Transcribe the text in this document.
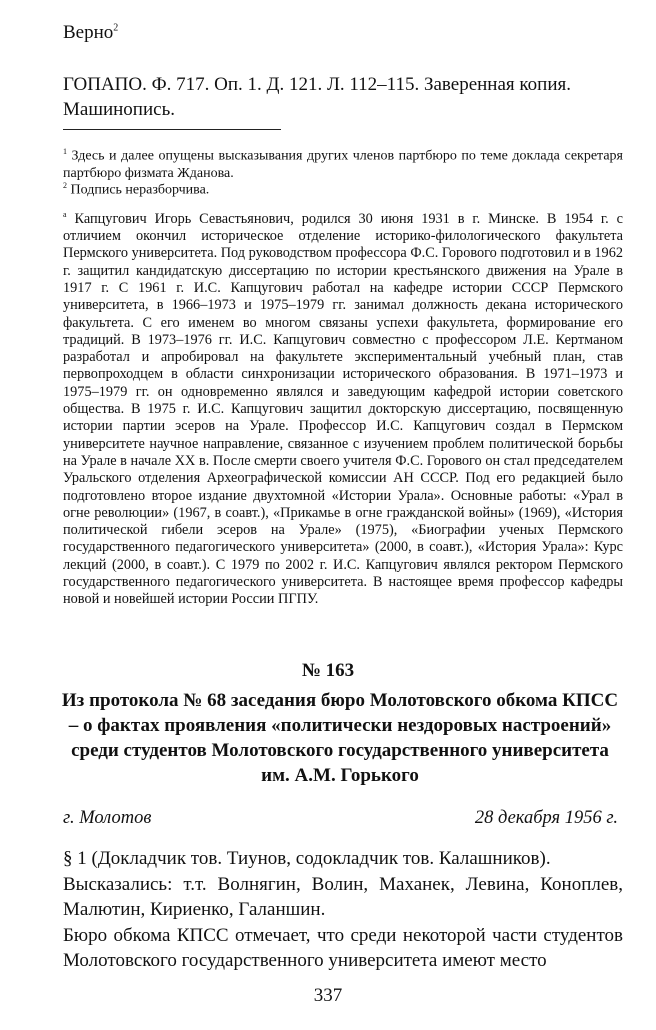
Верно$^2$
ГОПАПО. Ф. 717. Оп. 1. Д. 121. Л. 112–115. Заверенная копия. Машинопись.
$^1$ Здесь и далее опущены высказывания других членов партбюро по теме доклада секретаря партбюро физмата Жданова.
$^2$ Подпись неразборчива.
$^а$ Капцугович Игорь Севастьянович, родился 30 июня 1931 в г. Минске. В 1954 г. с отличием окончил историческое отделение историко-филологического факультета Пермского университета. Под руководством профессора Ф.С. Горового подготовил и в 1962 г. защитил кандидатскую диссертацию по истории крестьянского движения на Урале в 1917 г. С 1961 г. И.С. Капцугович работал на кафедре истории СССР Пермского университета, в 1966–1973 и 1975–1979 гг. занимал должность декана исторического факультета. С его именем во многом связаны успехи факультета, формирование его традиций. В 1973–1976 гг. И.С. Капцугович совместно с профессором Л.Е. Кертманом разработал и апробировал на факультете экспериментальный учебный план, став первопроходцем в области синхронизации исторического образования. В 1971–1973 и 1975–1979 гг. он одновременно являлся и заведующим кафедрой истории советского общества. В 1975 г. И.С. Капцугович защитил докторскую диссертацию, посвященную истории партии эсеров на Урале. Профессор И.С. Капцугович создал в Пермском университете научное направление, связанное с изучением проблем политической борьбы на Урале в начале XX в. После смерти своего учителя Ф.С. Горового он стал председателем Уральского отделения Археографической комиссии АН СССР. Под его редакцией было подготовлено второе издание двухтомной «Истории Урала». Основные работы: «Урал в огне революции» (1967, в соавт.), «Прикамье в огне гражданской войны» (1969), «История политической гибели эсеров на Урале» (1975), «Биографии ученых Пермского государственного педагогического университета» (2000, в соавт.), «История Урала»: Курс лекций (2000, в соавт.). С 1979 по 2002 г. И.С. Капцугович являлся ректором Пермского государственного педагогического университета. В настоящее время профессор кафедры новой и новейшей истории России ПГПУ.
№ 163
Из протокола № 68 заседания бюро Молотовского обкома КПСС – о фактах проявления «политически нездоровых настроений» среди студентов Молотовского государственного университета им. А.М. Горького
г. Молотов	28 декабря 1956 г.

§ 1 (Докладчик тов. Тиунов, содокладчик тов. Калашников).

Высказались: т.т. Волнягин, Волин, Маханек, Левина, Коноплев, Малютин, Кириенко, Галаншин.

Бюро обкома КПСС отмечает, что среди некоторой части студентов Молотовского государственного университета имеют место

337
